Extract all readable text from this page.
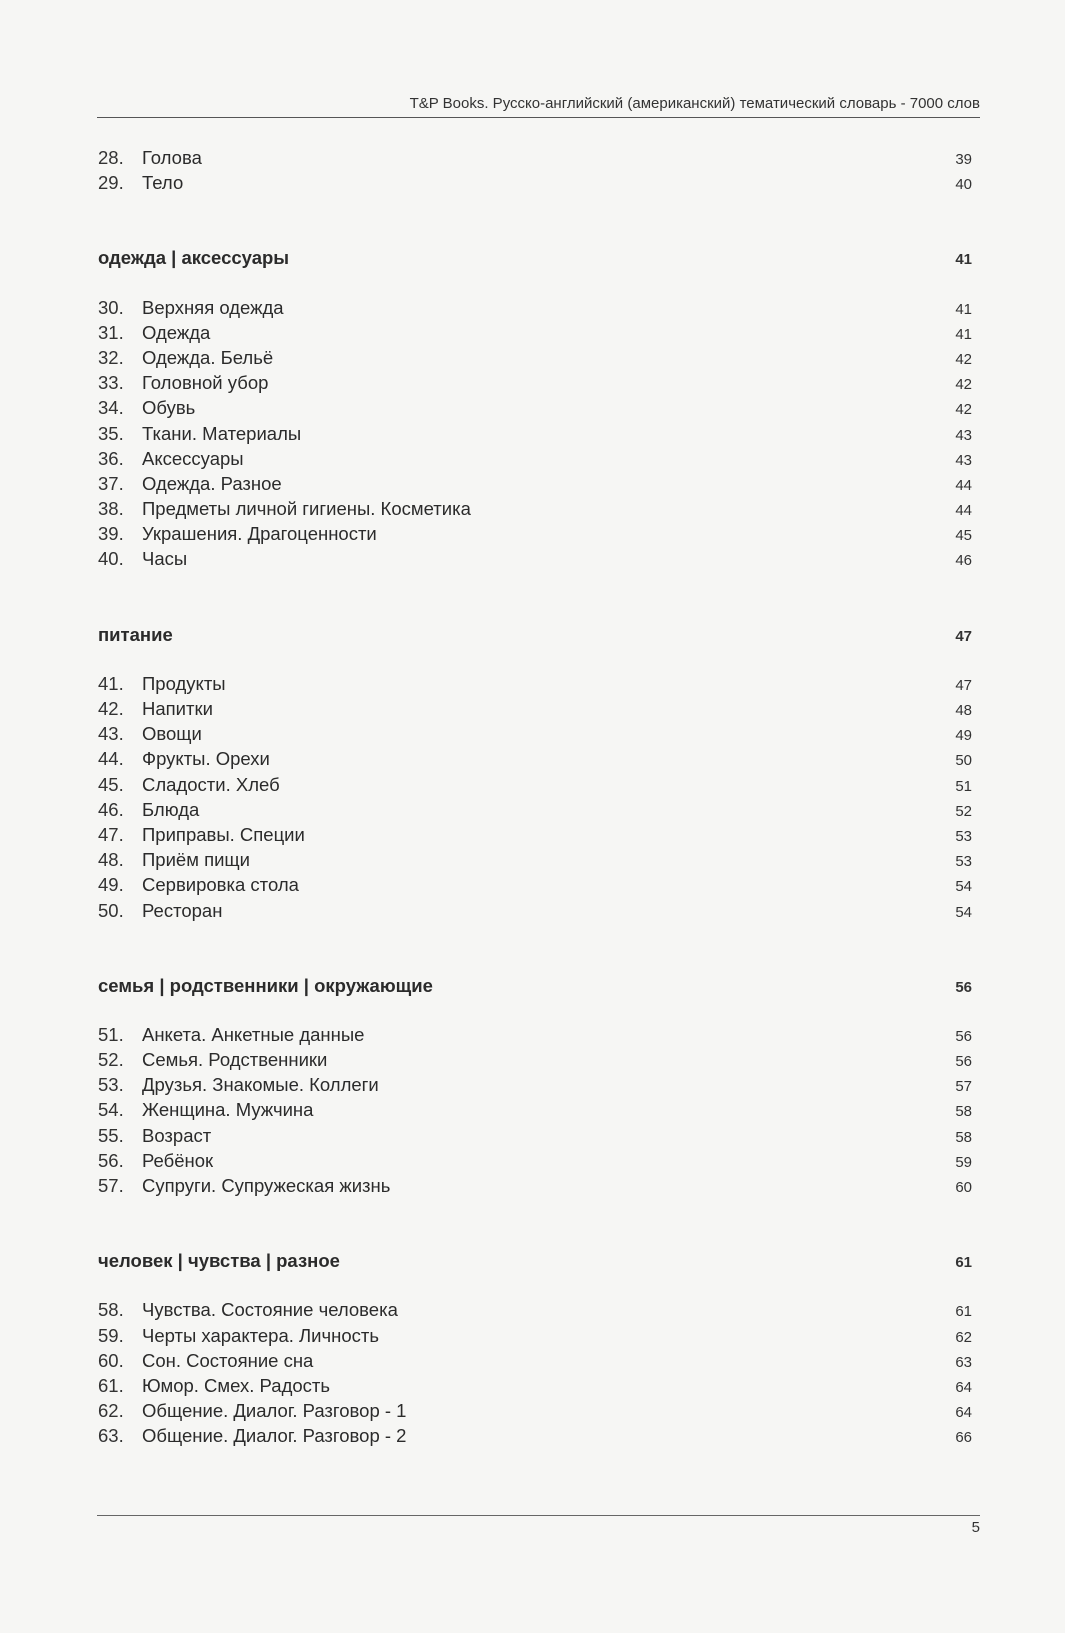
T&P Books. Русско-английский (американский) тематический словарь - 7000 слов
28. Голова	39
29. Тело	40
одежда | аксессуары	41
30. Верхняя одежда	41
31. Одежда	41
32. Одежда. Бельё	42
33. Головной убор	42
34. Обувь	42
35. Ткани. Материалы	43
36. Аксессуары	43
37. Одежда. Разное	44
38. Предметы личной гигиены. Косметика	44
39. Украшения. Драгоценности	45
40. Часы	46
питание	47
41. Продукты	47
42. Напитки	48
43. Овощи	49
44. Фрукты. Орехи	50
45. Сладости. Хлеб	51
46. Блюда	52
47. Приправы. Специи	53
48. Приём пищи	53
49. Сервировка стола	54
50. Ресторан	54
семья | родственники | окружающие	56
51. Анкета. Анкетные данные	56
52. Семья. Родственники	56
53. Друзья. Знакомые. Коллеги	57
54. Женщина. Мужчина	58
55. Возраст	58
56. Ребёнок	59
57. Супруги. Супружеская жизнь	60
человек | чувства | разное	61
58. Чувства. Состояние человека	61
59. Черты характера. Личность	62
60. Сон. Состояние сна	63
61. Юмор. Смех. Радость	64
62. Общение. Диалог. Разговор - 1	64
63. Общение. Диалог. Разговор - 2	66
5
